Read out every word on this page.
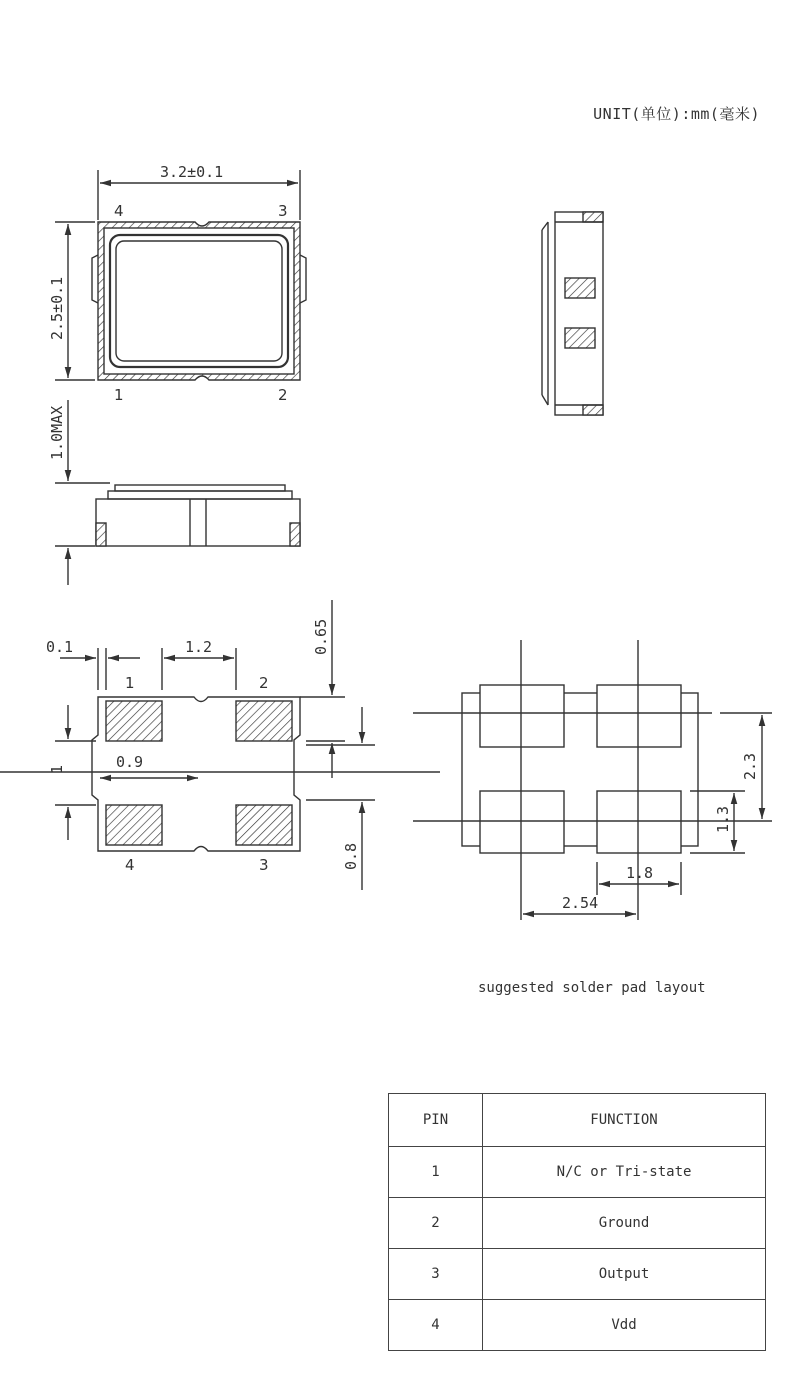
UNIT(单位):mm(毫米)
3.2±0.1
2.5±0.1
4	3
1	2
1.0MAX
0.1	1.2	0.65
1	0.9
0.8
1	2
4	3
2.3
1.3
1.8
2.54
suggested solder pad layout
PIN	FUNCTION
1	N/C or Tri-state
2	Ground
3	Output
4	Vdd
